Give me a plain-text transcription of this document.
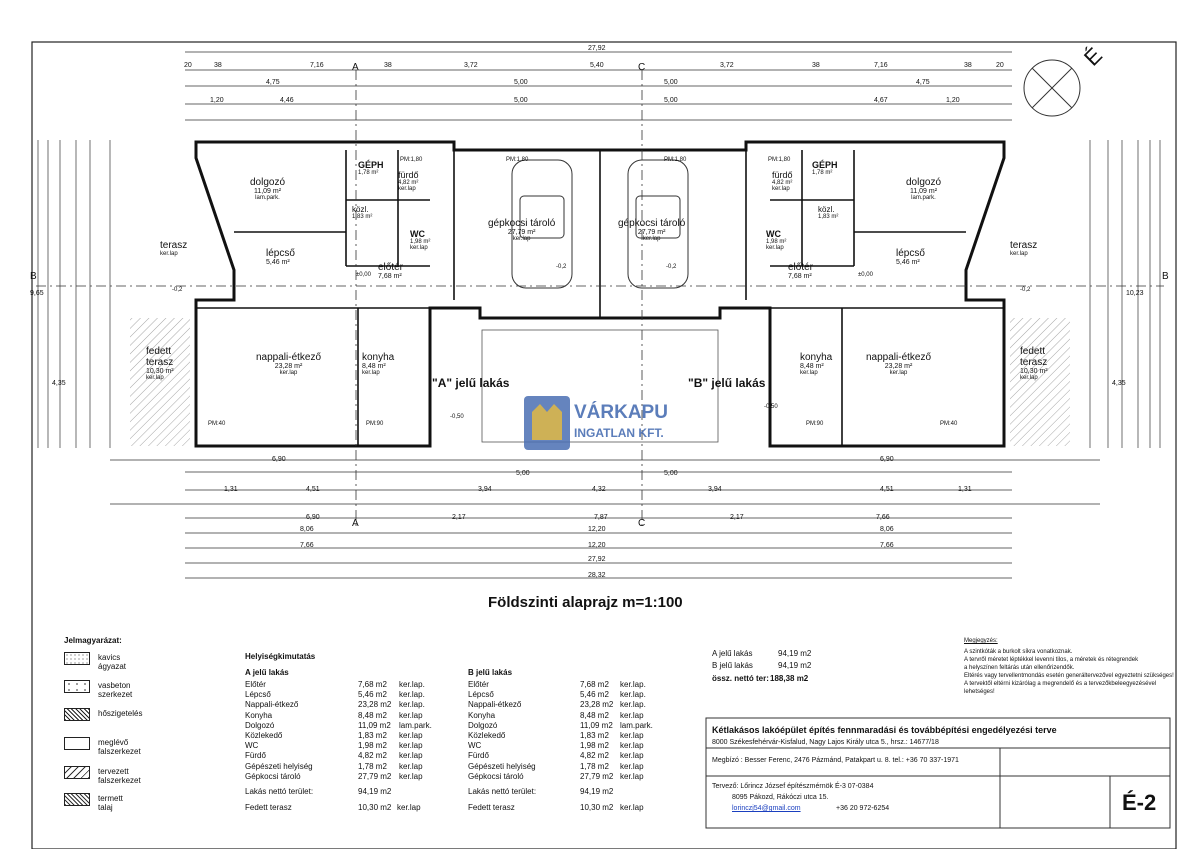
27,92
27,92
28,32
8,06	12,20	8,06
7,66	12,20	7,66
20	38	7,16	38	3,72	5,40	3,72	38	7,16	38	20
4,75	5,00	5,00	4,75
1,20	4,46	5,00	5,00	4,67	1,20
6,90
5,00	5,00
6,90
1,31	4,51	3,94	4,32	3,94	4,51	1,31
6,90	2,17	7,87	2,17	7,66
9,65
4,35
10,23
4,35
A
A
C
C
B	B
É
dolgozó
11,09 m²
lam.park.
GÉPH
1,78 m²	fürdő
4,82 m²
ker.lap
közl.
1,83 m²
WC
1,98 m²
ker.lap
gépkocsi tároló
27,79 m²
ker.lap
terasz
ker.lap	lépcső
5,46 m²	előtér
7,68 m²
fedett terasz
10,30 m²
ker.lap
nappali-étkező
23,28 m²
ker.lap
konyha
8,48 m²
ker.lap
dolgozó
11,09 m²
lam.park.
GÉPH
1,78 m²
fürdő
4,82 m²
ker.lap
közl.
1,83 m²
WC
1,98 m²
ker.lap
gépkocsi tároló
27,79 m²
ker.lap
terasz
ker.lap
lépcső
5,46 m²
előtér
7,68 m²
fedett terasz
10,30 m²
ker.lap
nappali-étkező
23,28 m²
ker.lap
konyha
8,48 m²
ker.lap
±0,00	±0,00
-0,2	-0,2
-0,2	-0,2
-0,50
-0,50
PM:1,80	PM:1,80	PM:1,80	PM:1,80
PM:40	PM:90	PM:90	PM:40
"A" jelű lakás	"B" jelű lakás
VÁRKAPU
INGATLAN KFT.
Földszinti alaprajz m=1:100
Jelmagyarázat:
kavics ágyazat
vasbeton szerkezet
hőszigetelés
meglévő falszerkezet
tervezett falszerkezet
termett talaj
Helyiségkimutatás
A jelű lakás	B jelű lakás
Előtér	7,68 m2 ker.lap.
Lépcső	5,46 m2 ker.lap.
Nappali-étkező	23,28 m2 ker.lap.
Konyha	8,48 m2 ker.lap
Dolgozó	11,09 m2 lam.park.
Közlekedő	1,83 m2 ker.lap
WC	1,98 m2 ker.lap
Fürdő	4,82 m2 ker.lap
Gépészeti helyiség	1,78 m2 ker.lap
Gépkocsi tároló	27,79 m2 ker.lap
Előtér	7,68 m2 ker.lap.
Lépcső	5,46 m2 ker.lap.
Nappali-étkező	23,28 m2 ker.lap.
Konyha	8,48 m2 ker.lap
Dolgozó	11,09 m2 lam.park.
Közlekedő	1,83 m2 ker.lap
WC	1,98 m2 ker.lap
Fürdő	4,82 m2 ker.lap
Gépészeti helyiség	1,78 m2 ker.lap
Gépkocsi tároló	27,79 m2 ker.lap
Lakás nettó terület:	94,19 m2
Fedett terasz	10,30 m2 ker.lap
Lakás nettó terület:	94,19 m2
Fedett terasz	10,30 m2 ker.lap
A jelű lakás	94,19 m2
B jelű lakás	94,19 m2
össz. nettó ter: 188,38 m2
Megjegyzés:
A szintkóták a burkolt síkra vonatkoznak.
A tervről méretet léptékkel levenni tilos, a méretek és rétegrendek
a helyszínen feltárás után ellenőrizendők.
Eltérés vagy tervellentmondás esetén generáltervezővel egyeztetni szükséges!
A tervektől eltérni kizárólag a megrendelő és a tervezőkbeleegyezésével
lehetséges!
Kétlakásos lakóépület építés fennmaradási és továbbépítési engedélyezési terve
8000 Székesfehérvár-Kisfalud, Nagy Lajos Király utca 5., hrsz.: 14677/18
Megbízó : Besser Ferenc, 2476 Pázmánd, Patakpart u. 8. tel.: +36 70 337-1971
Tervező: Lőrincz József építészmérnök É-3 07-0384
8095 Pákozd, Rákóczi utca 15.
lorinczj54@gmail.com	+36 20 972-6254	É-2
